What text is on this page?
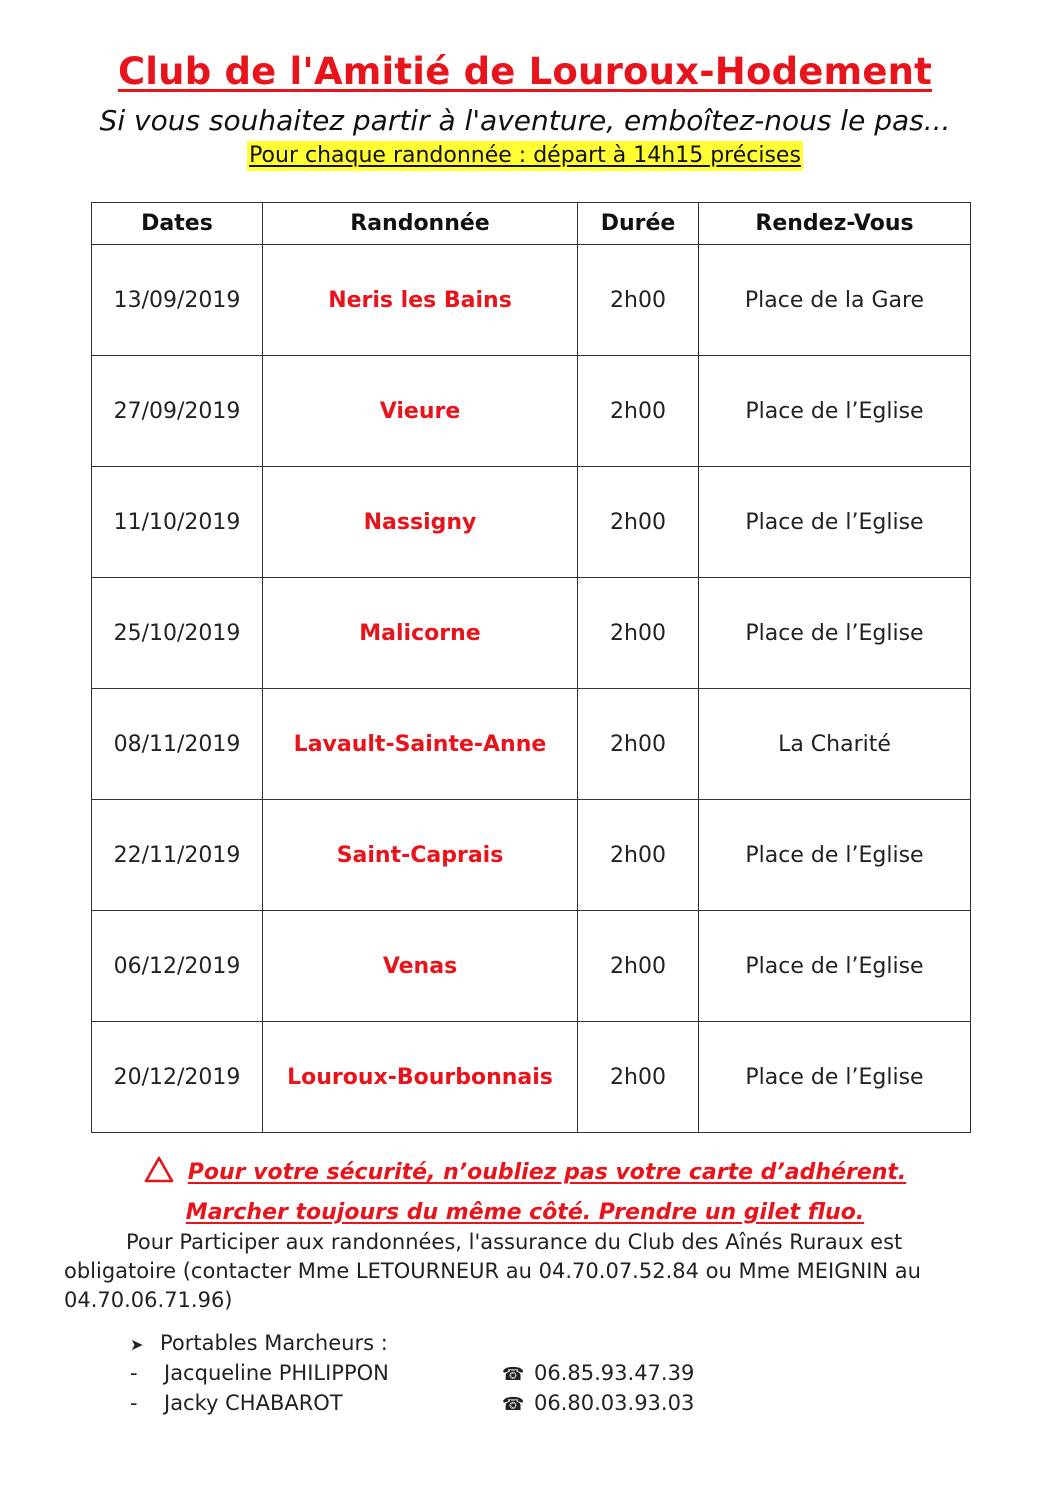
Club de l'Amitié de Louroux-Hodement
Si vous souhaitez partir à l'aventure, emboîtez-nous le pas...
Pour chaque randonnée : départ à 14h15 précises
Dates	Randonnée	Durée	Rendez-Vous
13/09/2019	Neris les Bains	2h00	Place de la Gare
27/09/2019	Vieure	2h00	Place de l’Eglise
11/10/2019	Nassigny	2h00	Place de l’Eglise
25/10/2019	Malicorne	2h00	Place de l’Eglise
08/11/2019	Lavault-Sainte-Anne	2h00	La Charité
22/11/2019	Saint-Caprais	2h00	Place de l’Eglise
06/12/2019	Venas	2h00	Place de l’Eglise
20/12/2019	Louroux-Bourbonnais	2h00	Place de l’Eglise
Pour votre sécurité, n’oubliez pas votre carte d’adhérent.
Marcher toujours du même côté. Prendre un gilet fluo.
Pour Participer aux randonnées, l'assurance du Club des Aînés Ruraux est obligatoire (contacter Mme LETOURNEUR au 04.70.07.52.84 ou Mme MEIGNIN au 04.70.06.71.96)
➤ Portables Marcheurs :
- Jacqueline PHILIPPON	☎ 06.85.93.47.39
- Jacky CHABAROT	☎ 06.80.03.93.03
